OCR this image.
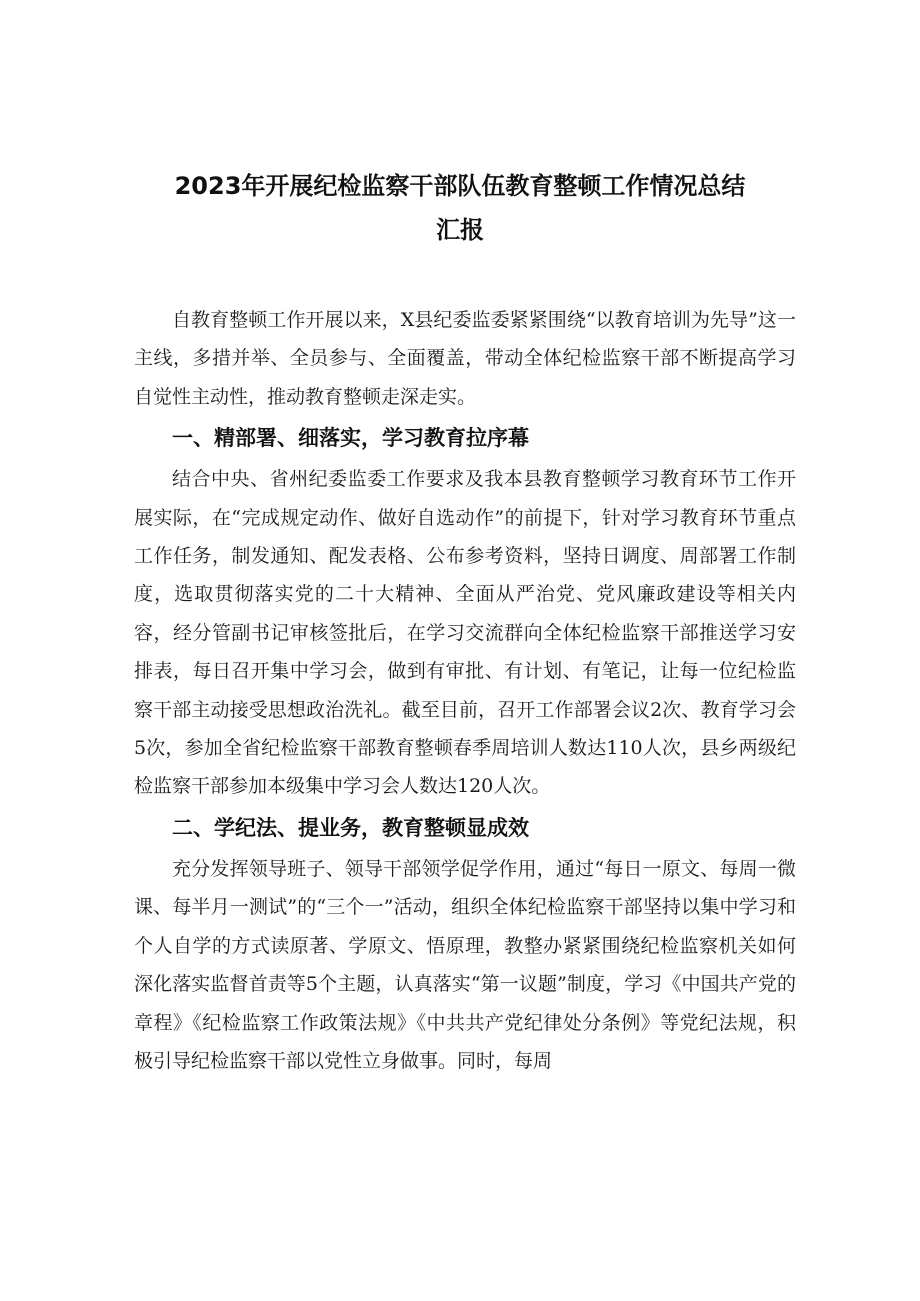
2023年开展纪检监察干部队伍教育整顿工作情况总结
汇报

自教育整顿工作开展以来，X县纪委监委紧紧围绕“以教育培训为先导”这一主线，多措并举、全员参与、全面覆盖，带动全体纪检监察干部不断提高学习自觉性主动性，推动教育整顿走深走实。

一、精部署、细落实，学习教育拉序幕

结合中央、省州纪委监委工作要求及我本县教育整顿学习教育环节工作开展实际，在“完成规定动作、做好自选动作”的前提下，针对学习教育环节重点工作任务，制发通知、配发表格、公布参考资料，坚持日调度、周部署工作制度，选取贯彻落实党的二十大精神、全面从严治党、党风廉政建设等相关内容，经分管副书记审核签批后，在学习交流群向全体纪检监察干部推送学习安排表，每日召开集中学习会，做到有审批、有计划、有笔记，让每一位纪检监察干部主动接受思想政治洗礼。截至目前，召开工作部署会议2次、教育学习会5次，参加全省纪检监察干部教育整顿春季周培训人数达110人次，县乡两级纪检监察干部参加本级集中学习会人数达120人次。

二、学纪法、提业务，教育整顿显成效

充分发挥领导班子、领导干部领学促学作用，通过“每日一原文、每周一微课、每半月一测试”的“三个一”活动，组织全体纪检监察干部坚持以集中学习和个人自学的方式读原著、学原文、悟原理，教整办紧紧围绕纪检监察机关如何深化落实监督首责等5个主题，认真落实“第一议题”制度，学习《中国共产党的章程》《纪检监察工作政策法规》《中共共产党纪律处分条例》等党纪法规，积极引导纪检监察干部以党性立身做事。同时，每周
